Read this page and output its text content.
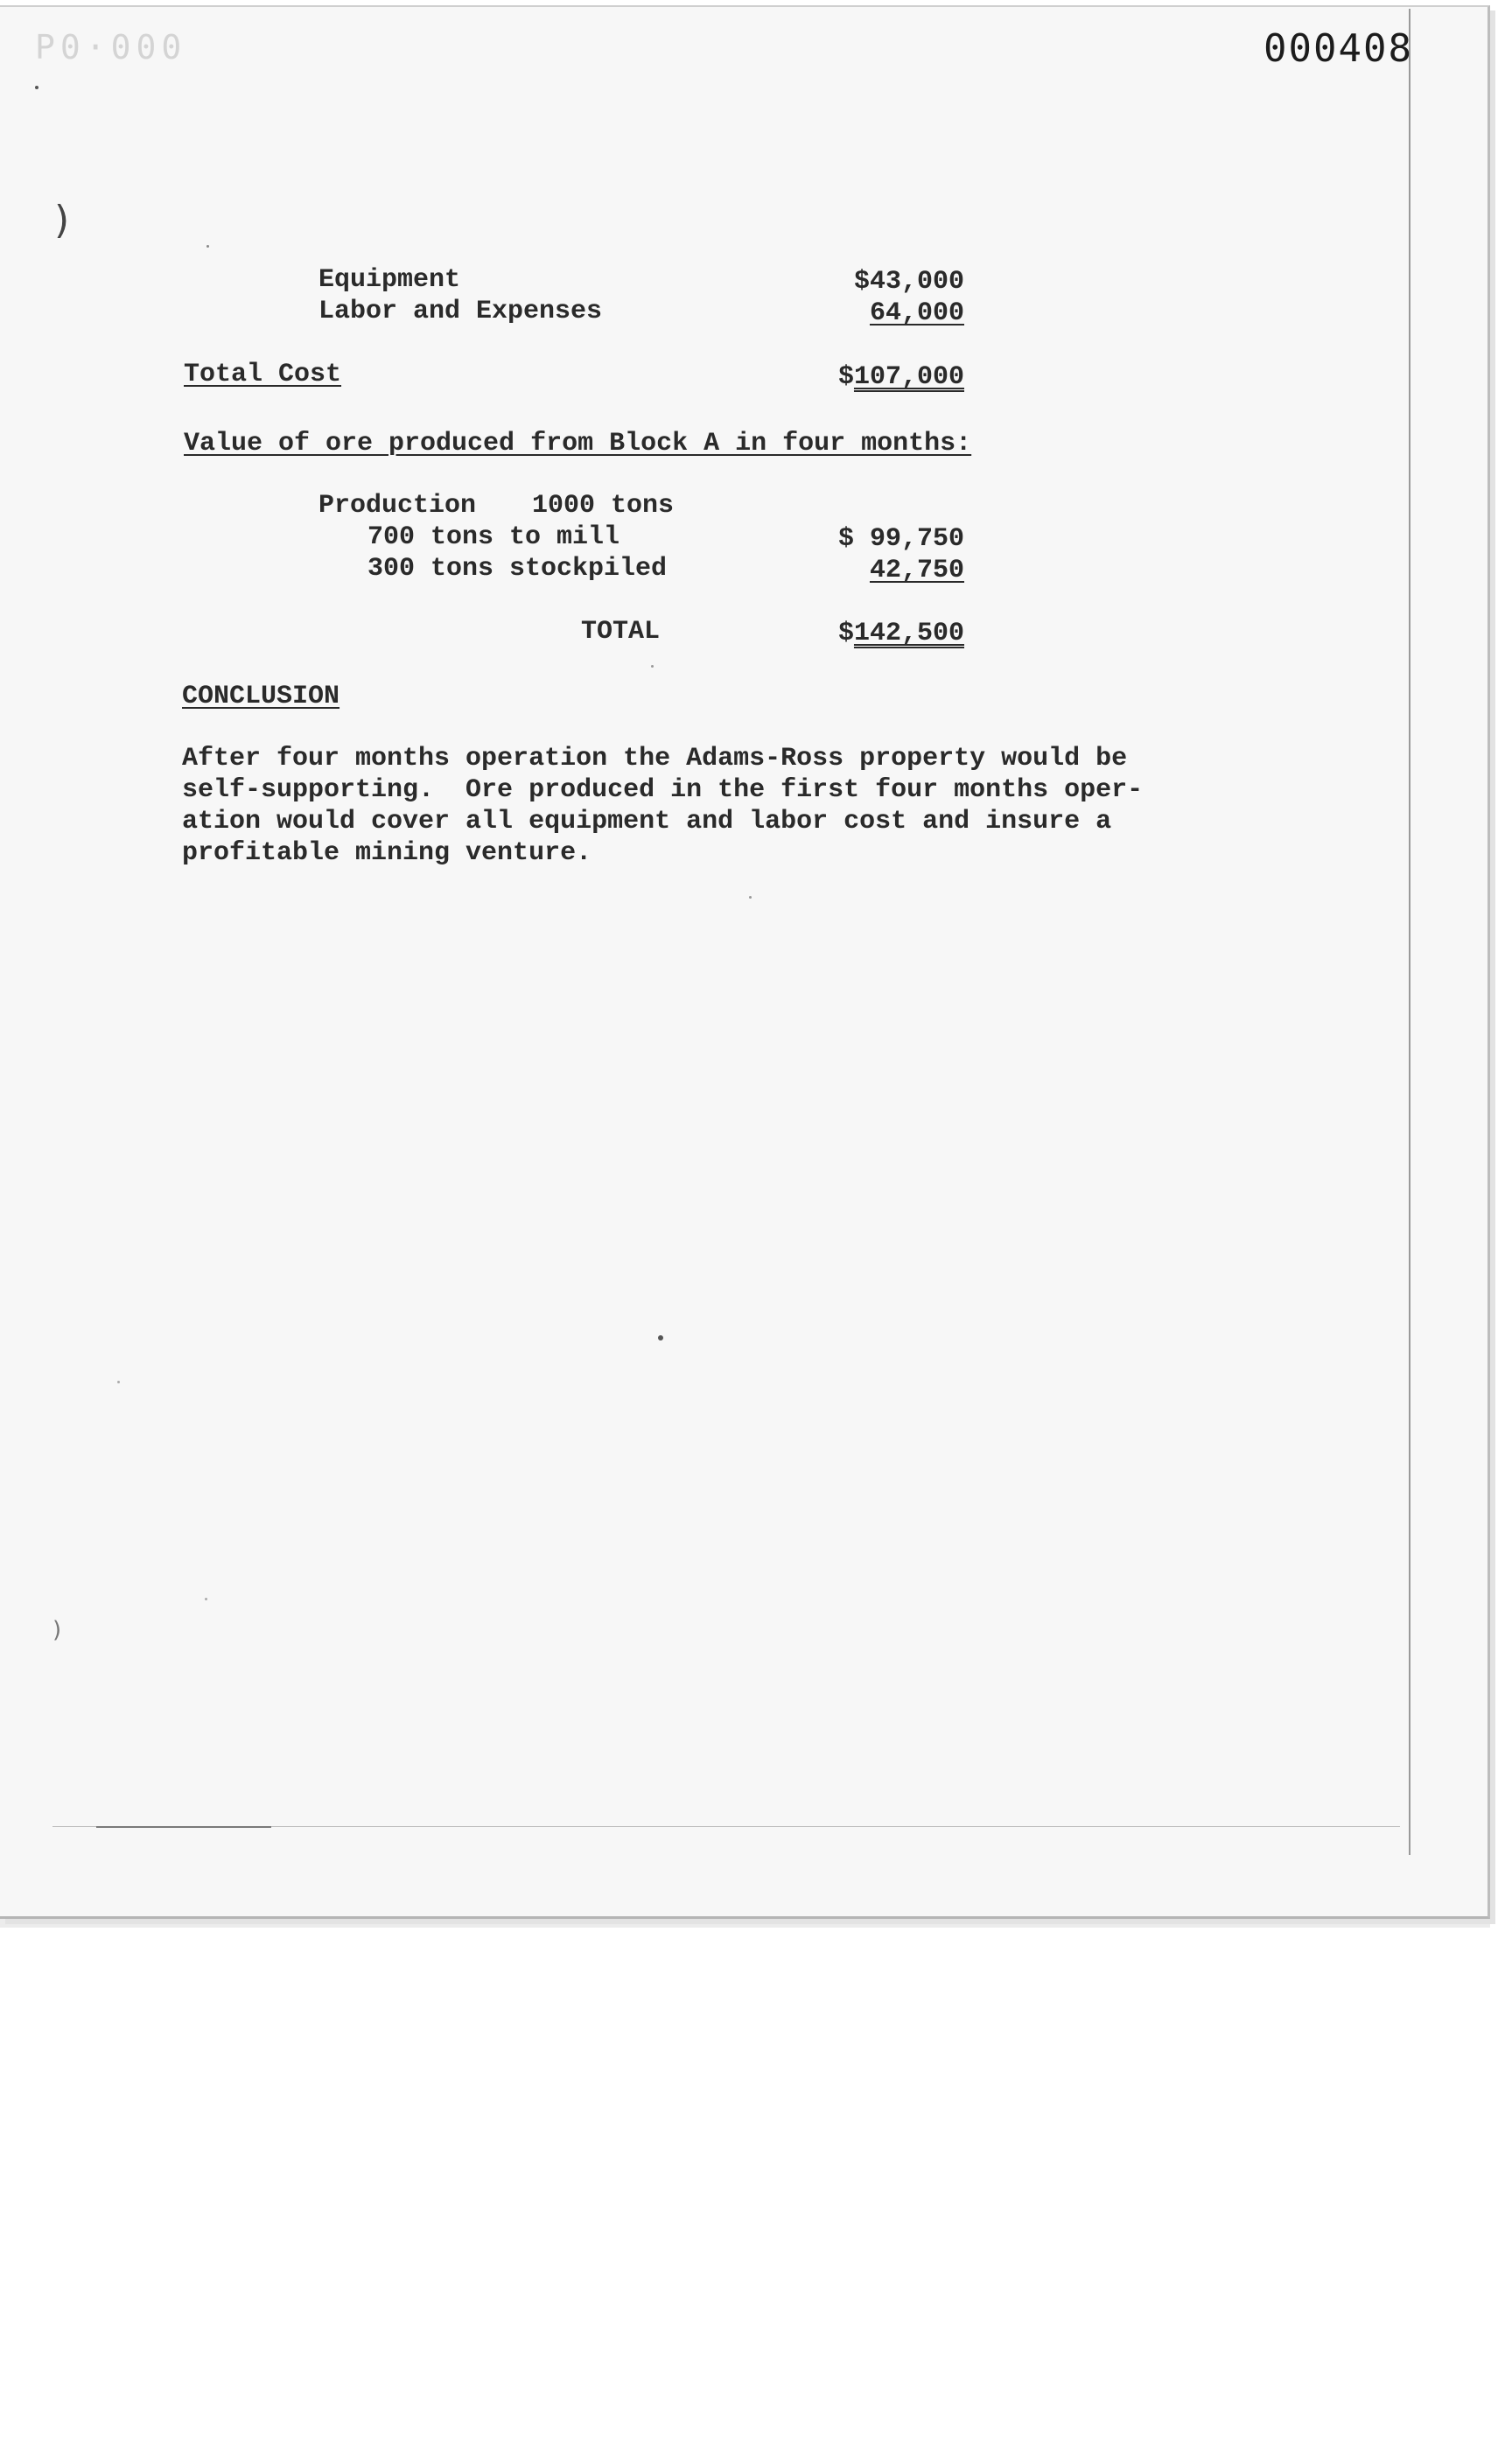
P0·000	000408
Equipment	$43,000
Labor and Expenses	64,000
Total Cost	$107,000
Value of ore produced from Block A in four months:
Production 1000 tons
700 tons to mill	$ 99,750
300 tons stockpiled	42,750
TOTAL	$142,500
CONCLUSION
After four months operation the Adams-Ross property would be
self-supporting.  Ore produced in the first four months oper-
ation would cover all equipment and labor cost and insure a
profitable mining venture.
)
)
